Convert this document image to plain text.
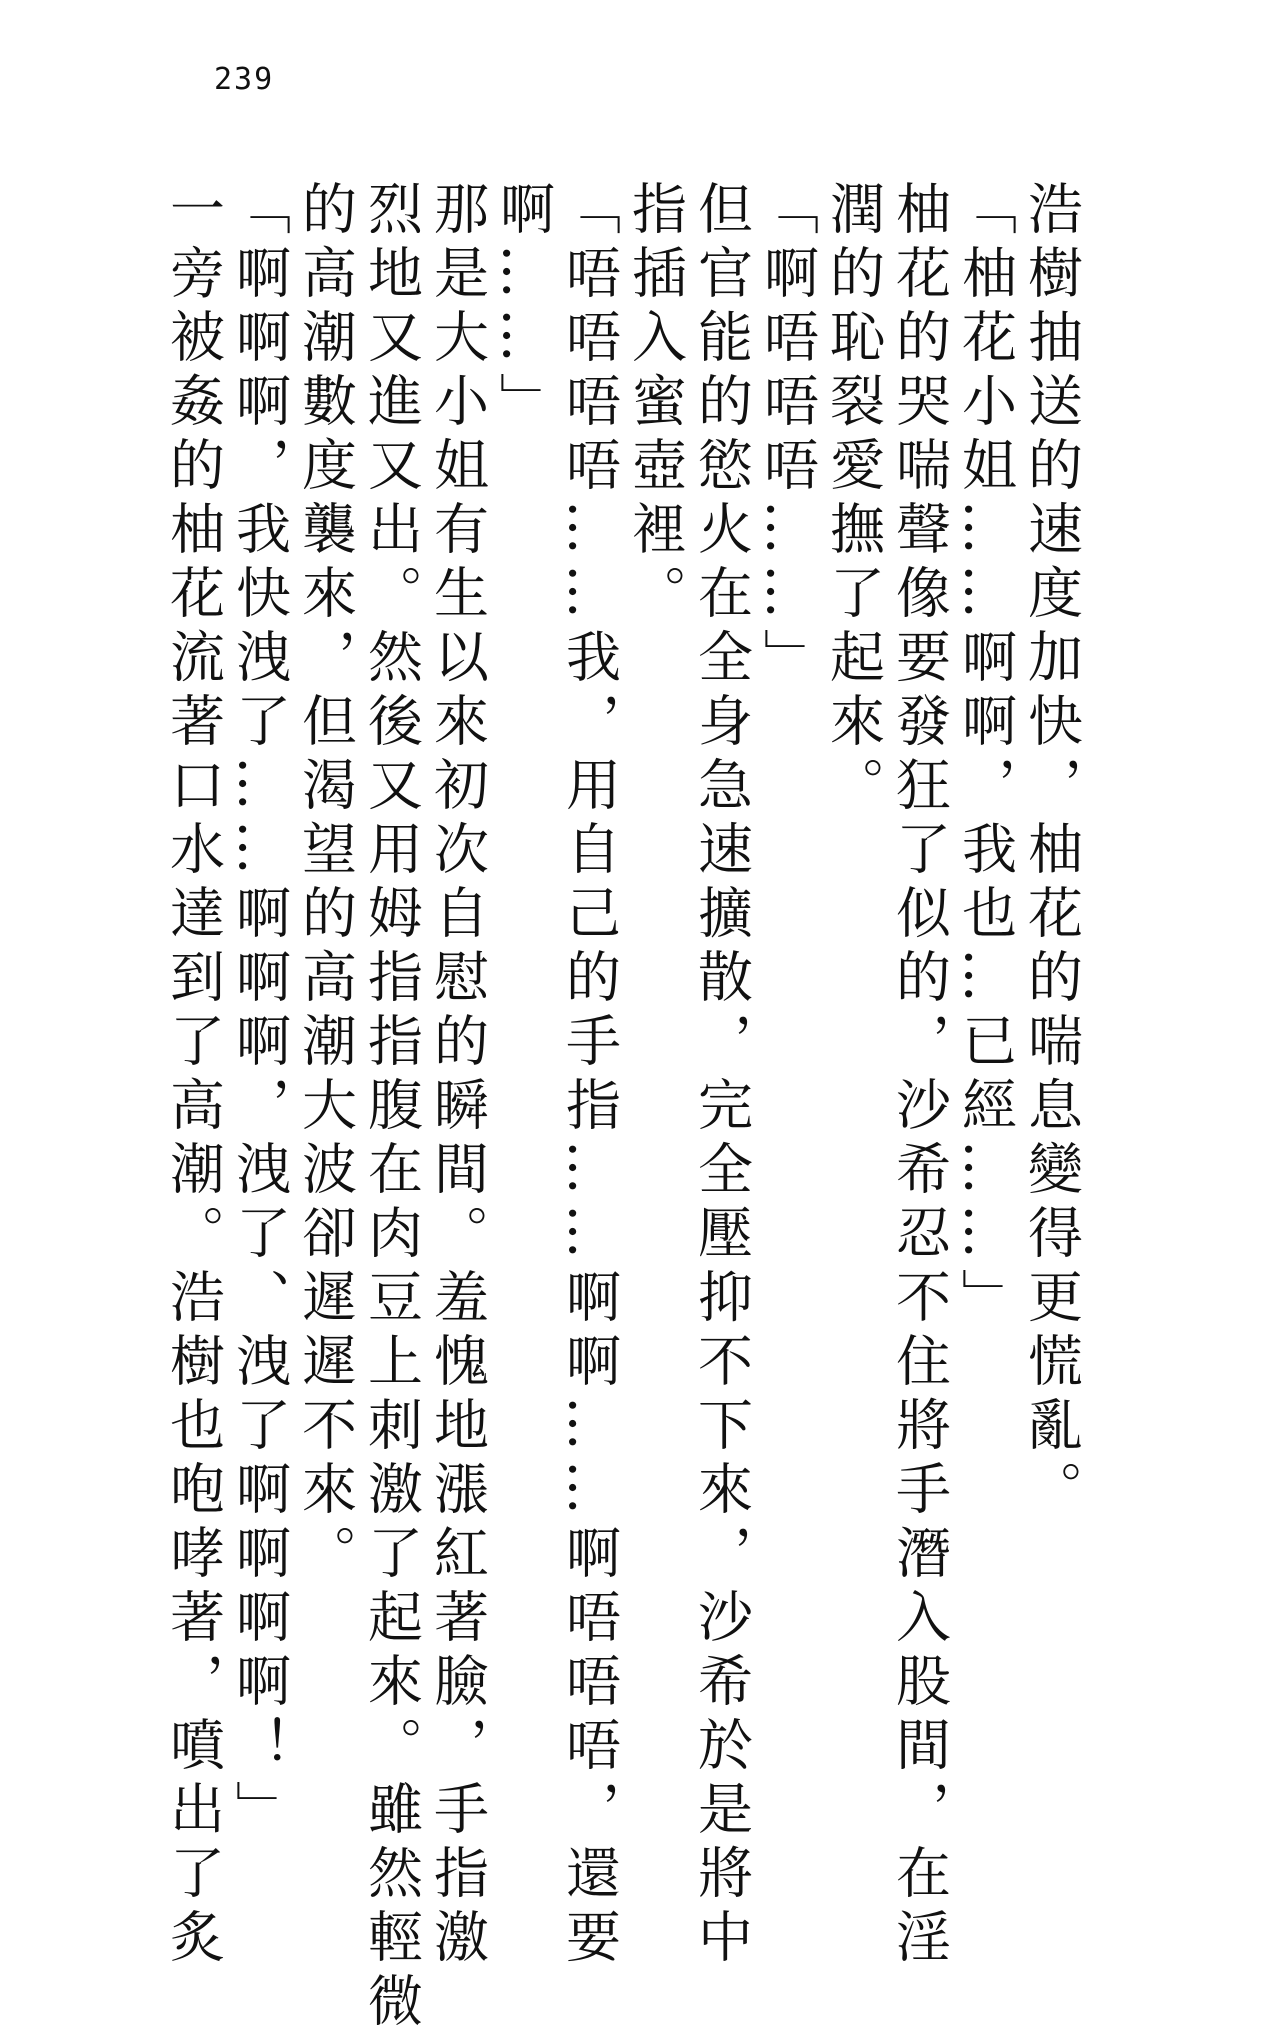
239
浩樹抽送的速度加快，柚花的喘息變得更慌亂。
「柚花小姐……啊啊，我也…已經……」
柚花的哭喘聲像要發狂了似的，沙希忍不住將手潛入股間，在淫
潤的恥裂愛撫了起來。
「啊唔唔唔……」
但官能的慾火在全身急速擴散，完全壓抑不下來，沙希於是將中
指插入蜜壺裡。
「唔唔唔唔……我，用自己的手指……啊啊……啊唔唔唔，還要
啊……」
那是大小姐有生以來初次自慰的瞬間。羞愧地漲紅著臉，手指激
烈地又進又出。然後又用姆指指腹在肉豆上刺激了起來。雖然輕微
的高潮數度襲來，但渴望的高潮大波卻遲遲不來。
「啊啊啊，我快洩了……啊啊啊，洩了、洩了啊啊啊啊！」
一旁被姦的柚花流著口水達到了高潮。浩樹也咆哮著，噴出了炙
